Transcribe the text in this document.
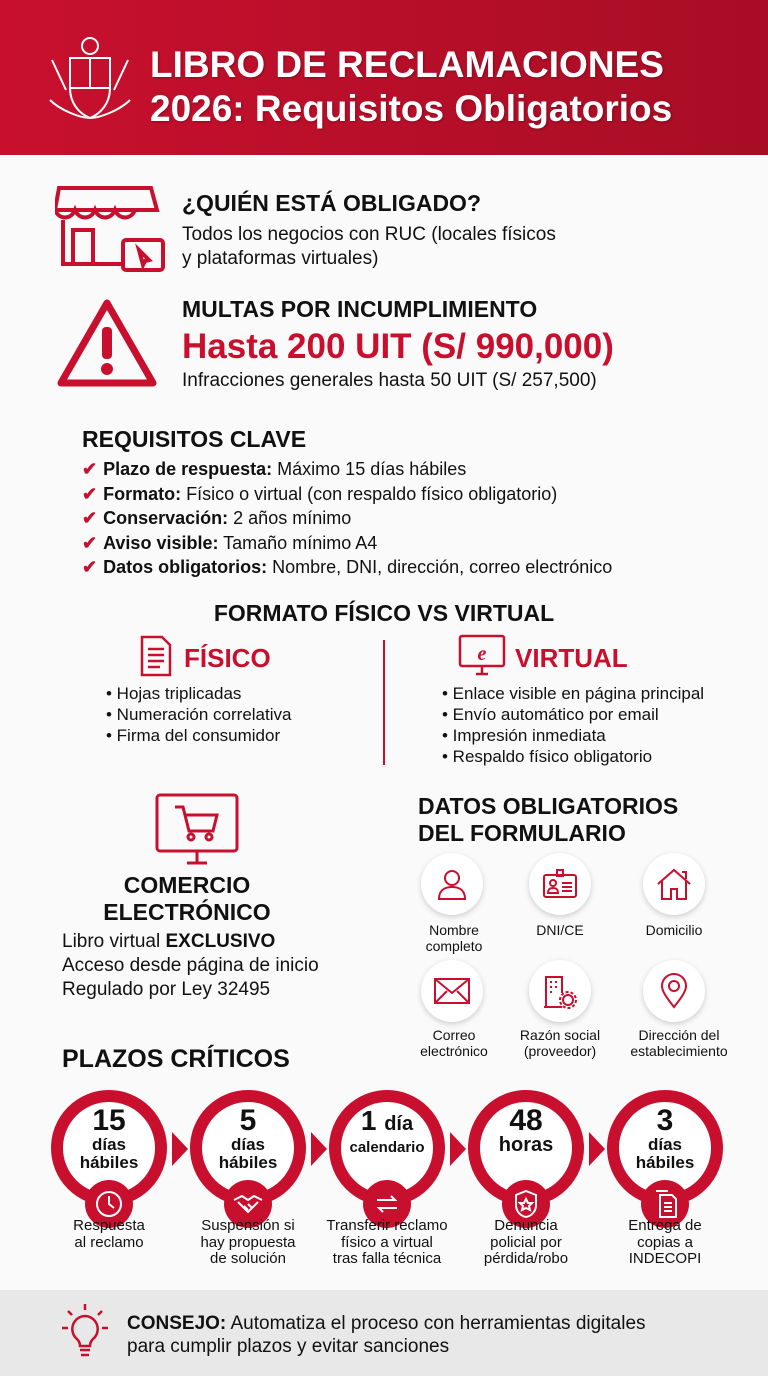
LIBRO DE RECLAMACIONES
2026: Requisitos Obligatorios
¿QUIÉN ESTÁ OBLIGADO?
Todos los negocios con RUC (locales físicos
y plataformas virtuales)
MULTAS POR INCUMPLIMIENTO
Hasta 200 UIT (S/ 990,000)
Infracciones generales hasta 50 UIT (S/ 257,500)
REQUISITOS CLAVE
✔ Plazo de respuesta: Máximo 15 días hábiles
✔ Formato: Físico o virtual (con respaldo físico obligatorio)
✔ Conservación: 2 años mínimo
✔ Aviso visible: Tamaño mínimo A4
✔ Datos obligatorios: Nombre, DNI, dirección, correo electrónico
FORMATO FÍSICO VS VIRTUAL
FÍSICO
• Hojas triplicadas
• Numeración correlativa
• Firma del consumidor
e VIRTUAL
• Enlace visible en página principal
• Envío automático por email
• Impresión inmediata
• Respaldo físico obligatorio
COMERCIO
ELECTRÓNICO
Libro virtual EXCLUSIVO
Acceso desde página de inicio
Regulado por Ley 32495
DATOS OBLIGATORIOS
DEL FORMULARIO
Nombre
completo
DNI/CE	Domicilio
Correo
electrónico
Razón social
(proveedor)
Dirección del
establecimiento
PLAZOS CRÍTICOS
15
días
hábiles
5
días
hábiles
1 día
calendario
48
horas
3
días
hábiles
Respuesta
al reclamo
Suspensión si
hay propuesta
de solución
Transferir reclamo
físico a virtual
tras falla técnica
Denuncia
policial por
pérdida/robo
Entrega de
copias a
INDECOPI
CONSEJO: Automatiza el proceso con herramientas digitales
para cumplir plazos y evitar sanciones
